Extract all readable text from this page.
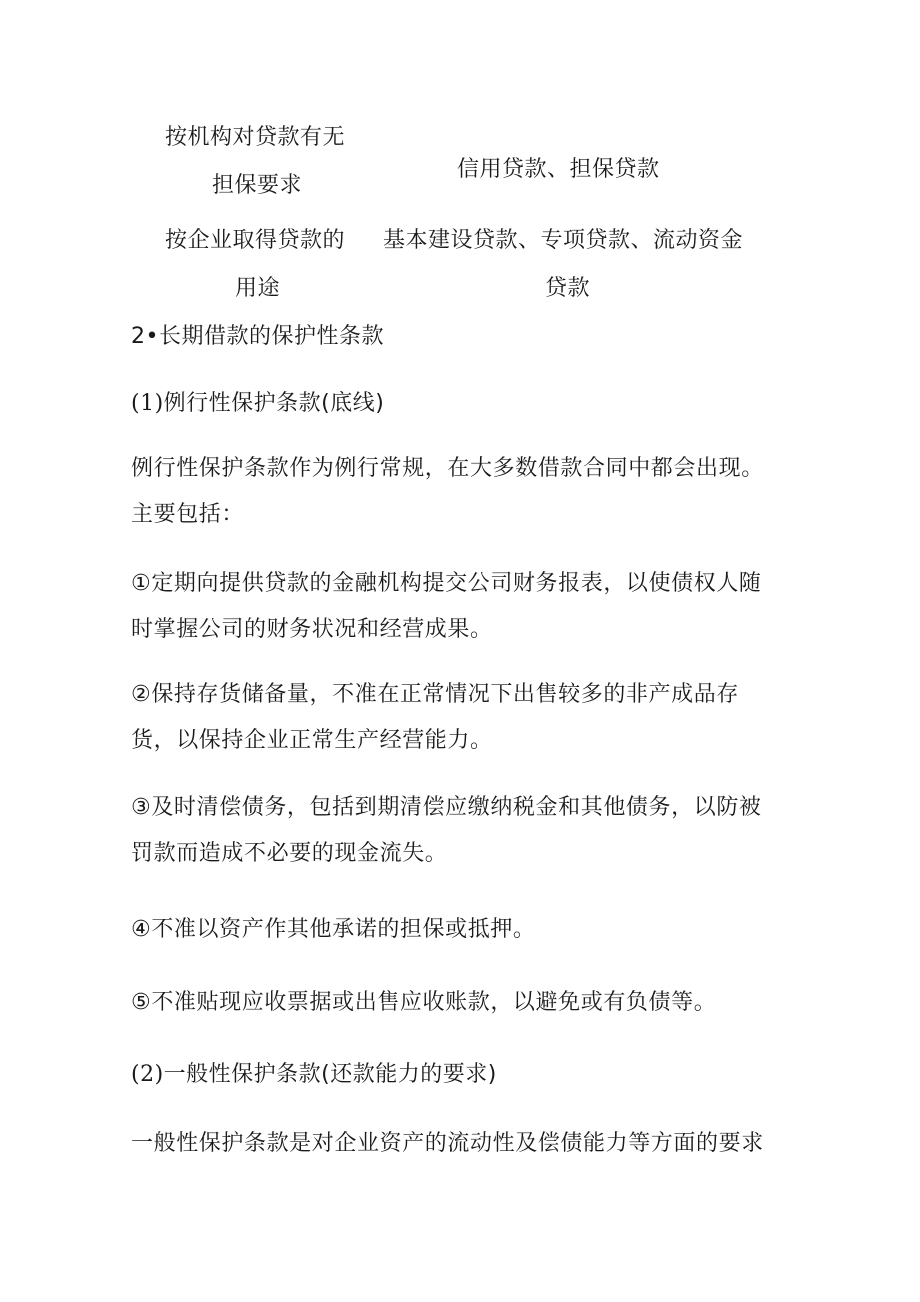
按机构对贷款有无
担保要求
信用贷款、担保贷款
按企业取得贷款的
用途
基本建设贷款、专项贷款、流动资金
贷款
2•长期借款的保护性条款
(1)例行性保护条款(底线)
例行性保护条款作为例行常规，在大多数借款合同中都会出现。
主要包括：
①定期向提供贷款的金融机构提交公司财务报表，以使债权人随
时掌握公司的财务状况和经营成果。
②保持存货储备量，不准在正常情况下出售较多的非产成品存
货，以保持企业正常生产经营能力。
③及时清偿债务，包括到期清偿应缴纳税金和其他债务，以防被
罚款而造成不必要的现金流失。
④不准以资产作其他承诺的担保或抵押。
⑤不准贴现应收票据或出售应收账款，以避免或有负债等。
(2)一般性保护条款(还款能力的要求)
一般性保护条款是对企业资产的流动性及偿债能力等方面的要求
